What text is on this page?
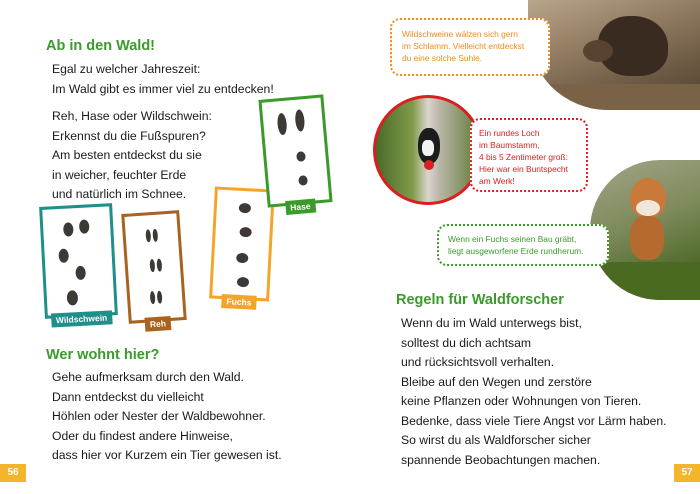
Ab in den Wald!
Egal zu welcher Jahreszeit:
Im Wald gibt es immer viel zu entdecken!
Reh, Hase oder Wildschwein:
Erkennst du die Fußspuren?
Am besten entdeckst du sie
in weicher, feuchter Erde
und natürlich im Schnee.
Wildschwein	Reh
Fuchs
Hase
Wer wohnt hier?
Gehe aufmerksam durch den Wald.
Dann entdeckst du vielleicht
Höhlen oder Nester der Waldbewohner.
Oder du findest andere Hinweise,
dass hier vor Kurzem ein Tier gewesen ist.
56
Wildschweine wälzen sich gern
im Schlamm. Vielleicht entdeckst
du eine solche Suhle.
Ein rundes Loch
im Baumstamm,
4 bis 5 Zentimeter groß:
Hier war ein Buntspecht
am Werk!
Wenn ein Fuchs seinen Bau gräbt,
liegt ausgeworfene Erde rundherum.
Regeln für Waldforscher
Wenn du im Wald unterwegs bist,
solltest du dich achtsam
und rücksichtsvoll verhalten.
Bleibe auf den Wegen und zerstöre
keine Pflanzen oder Wohnungen von Tieren.
Bedenke, dass viele Tiere Angst vor Lärm haben.
So wirst du als Waldforscher sicher
spannende Beobachtungen machen.
57
